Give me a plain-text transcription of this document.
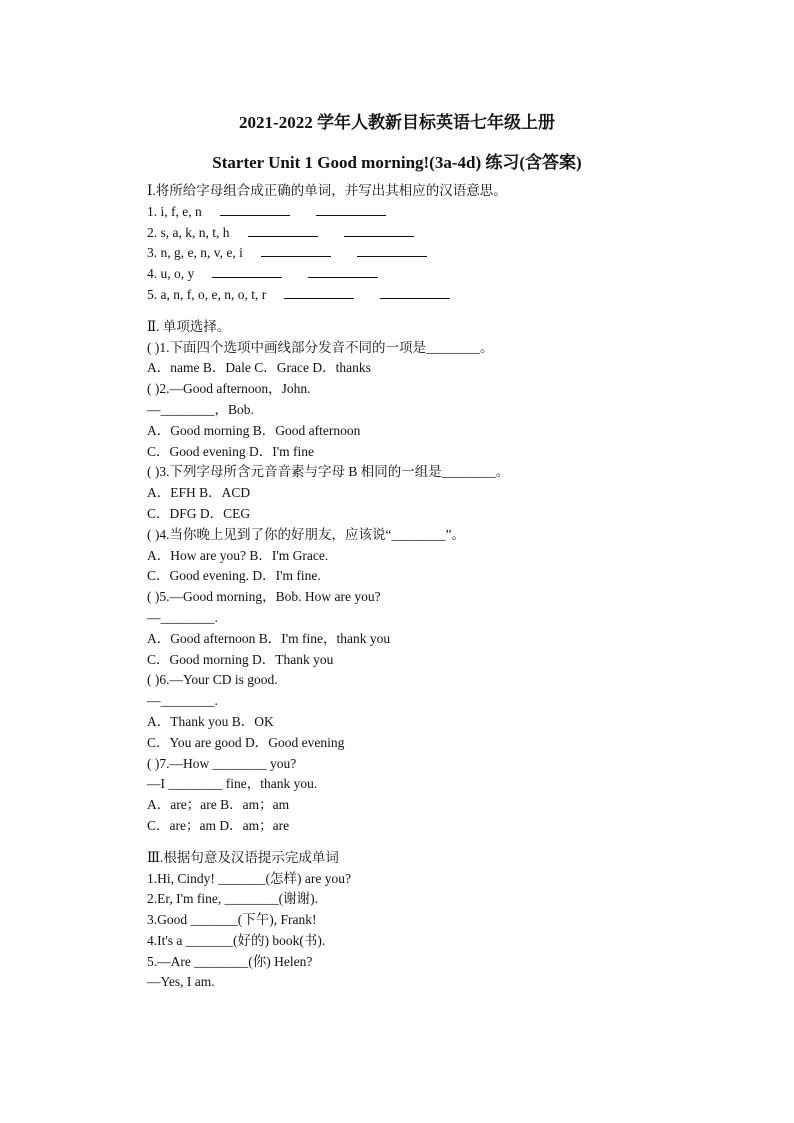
2021-2022 学年人教新目标英语七年级上册
Starter Unit 1 Good morning!(3a-4d) 练习(含答案)
Ⅰ.将所给字母组合成正确的单词，并写出其相应的汉语意思。
1. i, f, e, n
2. s, a, k, n, t, h
3. n, g, e, n, v, e, i
4. u, o, y
5. a, n, f, o, e, n, o, t, r
Ⅱ. 单项选择。
( )1.下面四个选项中画线部分发音不同的一项是________。
A．name B．Dale C．Grace D．thanks
( )2.—Good afternoon，John.
—________，Bob.
A．Good morning B．Good afternoon
C．Good evening D．I'm fine
( )3.下列字母所含元音音素与字母 B 相同的一组是________。
A．EFH B．ACD
C．DFG D．CEG
( )4.当你晚上见到了你的好朋友，应该说“________”。
A．How are you? B．I'm Grace.
C．Good evening. D．I'm fine.
( )5.—Good morning，Bob. How are you?
—________.
A．Good afternoon B．I'm fine，thank you
C．Good morning D．Thank you
( )6.—Your CD is good.
—________.
A．Thank you B．OK
C．You are good D．Good evening
( )7.—How ________ you?
—I ________ fine，thank you.
A．are；are B．am；am
C．are；am D．am；are
Ⅲ.根据句意及汉语提示完成单词
1.Hi, Cindy! _______(怎样) are you?
2.Er, I'm fine, ________(谢谢).
3.Good _______(下午), Frank!
4.It's a _______(好的) book(书).
5.—Are ________(你) Helen?
—Yes, I am.
